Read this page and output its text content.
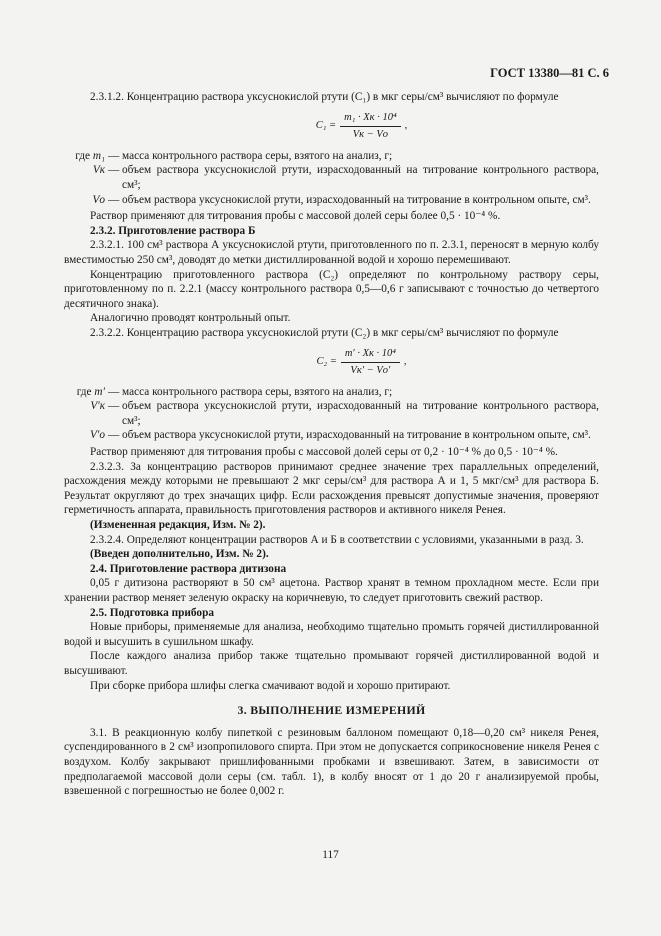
ГОСТ 13380—81 С. 6

2.3.1.2. Концентрацию раствора уксуснокислой ртути (C₁) в мкг серы/см³ вычисляют по формуле

$C_1 = \frac{\text{m₁ · Xк · 10⁴}}{Vк - Vо}$ ,
где m₁ — масса контрольного раствора серы, взятого на анализ, г;
Vк — объем раствора уксуснокислой ртути, израсходованный на титрование контрольного раствора, см³;
Vо — объем раствора уксуснокислой ртути, израсходованный на титрование в контрольном опыте, см³.

Раствор применяют для титрования пробы с массовой долей серы более 0,5 · 10⁻⁴ %.

2.3.2. Приготовление раствора Б

2.3.2.1. 100 см³ раствора А уксуснокислой ртути, приготовленного по п. 2.3.1, переносят в мерную колбу вместимостью 250 см³, доводят до метки дистиллированной водой и хорошо перемешивают.

Концентрацию приготовленного раствора (C₂) определяют по контрольному раствору серы, приготовленному по п. 2.2.1 (массу контрольного раствора 0,5—0,6 г записывают с точностью до четвертого десятичного знака).

Аналогично проводят контрольный опыт.

2.3.2.2. Концентрацию раствора уксуснокислой ртути (C₂) в мкг серы/см³ вычисляют по формуле

$C_2 = \frac{\text{m′ · Xк · 10⁴}}{Vк' - Vо'}$ ,
где m′ — масса контрольного раствора серы, взятого на анализ, г;
V′к — объем раствора уксуснокислой ртути, израсходованный на титрование контрольного раствора, см³;
V′о — объем раствора уксуснокислой ртути, израсходованный на титрование в контрольном опыте, см³.

Раствор применяют для титрования пробы с массовой долей серы от 0,2 · 10⁻⁴ % до 0,5 · 10⁻⁴ %.

2.3.2.3. За концентрацию растворов принимают среднее значение трех параллельных определений, расхождения между которыми не превышают 2 мкг серы/см³ для раствора А и 1, 5 мкг/см³ для раствора Б. Результат округляют до трех значащих цифр. Если расхождения превысят допустимые значения, проверяют герметичность аппарата, правильность приготовления растворов и активного никеля Ренея.

(Измененная редакция, Изм. № 2).

2.3.2.4. Определяют концентрации растворов А и Б в соответствии с условиями, указанными в разд. 3.

(Введен дополнительно, Изм. № 2).

2.4. Приготовление раствора дитизона

0,05 г дитизона растворяют в 50 см³ ацетона. Раствор хранят в темном прохладном месте. Если при хранении раствор меняет зеленую окраску на коричневую, то следует приготовить свежий раствор.

2.5. Подготовка прибора

Новые приборы, применяемые для анализа, необходимо тщательно промыть горячей дистиллированной водой и высушить в сушильном шкафу.

После каждого анализа прибор также тщательно промывают горячей дистиллированной водой и высушивают.

При сборке прибора шлифы слегка смачивают водой и хорошо притирают.

3. ВЫПОЛНЕНИЕ ИЗМЕРЕНИЙ

3.1. В реакционную колбу пипеткой с резиновым баллоном помещают 0,18—0,20 см³ никеля Ренея, суспендированного в 2 см³ изопропилового спирта. При этом не допускается соприкосновение никеля Ренея с воздухом. Колбу закрывают пришлифованными пробками и взвешивают. Затем, в зависимости от предполагаемой массовой доли серы (см. табл. 1), в колбу вносят от 1 до 20 г анализируемой пробы, взвешенной с погрешностью не более 0,002 г.

117
